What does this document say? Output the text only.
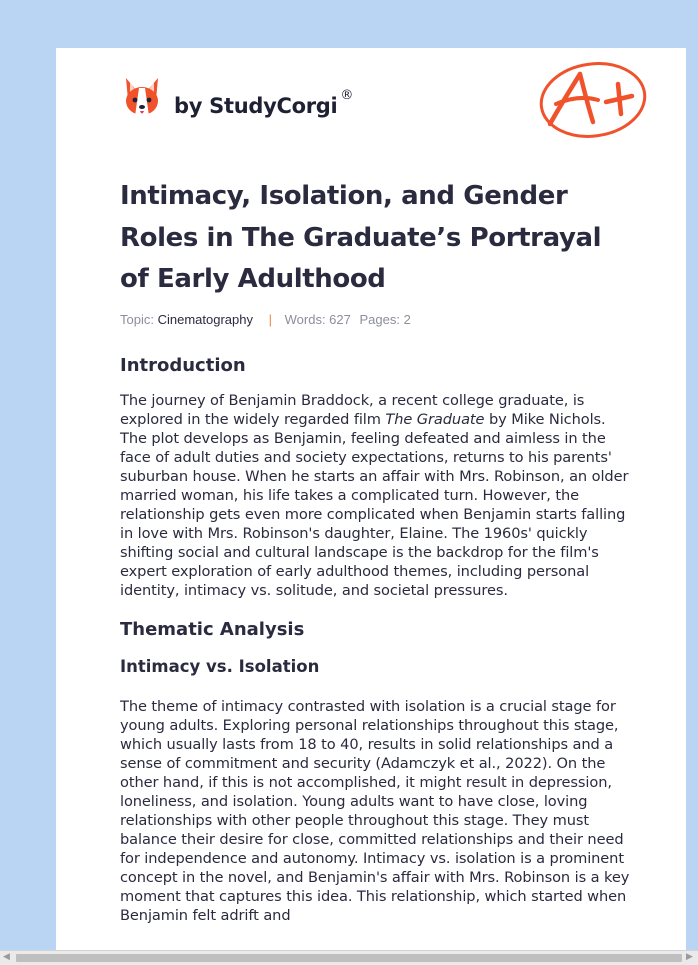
by StudyCorgi ®
Intimacy, Isolation, and Gender Roles in The Graduate’s Portrayal of Early Adulthood
Topic: Cinematography | Words: 627 Pages: 2
Introduction

The journey of Benjamin Braddock, a recent college graduate, is explored in the widely regarded film The Graduate by Mike Nichols. The plot develops as Benjamin, feeling defeated and aimless in the face of adult duties and society expectations, returns to his parents' suburban house. When he starts an affair with Mrs. Robinson, an older married woman, his life takes a complicated turn. However, the relationship gets even more complicated when Benjamin starts falling in love with Mrs. Robinson's daughter, Elaine. The 1960s' quickly shifting social and cultural landscape is the backdrop for the film's expert exploration of early adulthood themes, including personal identity, intimacy vs. solitude, and societal pressures.

Thematic Analysis
Intimacy vs. Isolation

The theme of intimacy contrasted with isolation is a crucial stage for young adults. Exploring personal relationships throughout this stage, which usually lasts from 18 to 40, results in solid relationships and a sense of commitment and security (Adamczyk et al., 2022). On the other hand, if this is not accomplished, it might result in depression, loneliness, and isolation. Young adults want to have close, loving relationships with other people throughout this stage. They must balance their desire for close, committed relationships and their need for independence and autonomy. Intimacy vs. isolation is a prominent concept in the novel, and Benjamin's affair with Mrs. Robinson is a key moment that captures this idea. This relationship, which started when Benjamin felt adrift and

◀	▶
